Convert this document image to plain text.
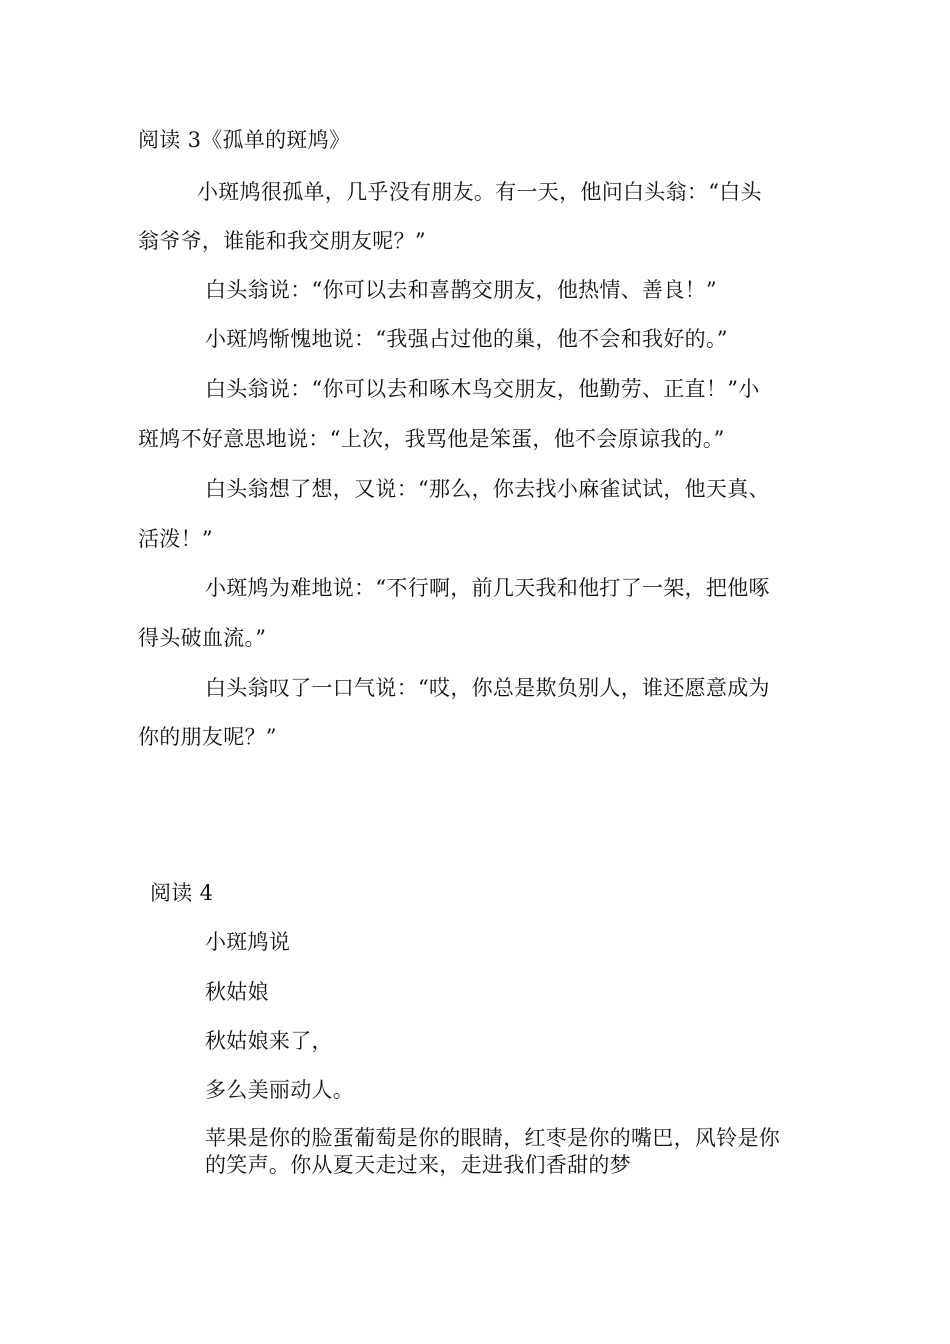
阅读 3《孤单的斑鸠》
小斑鸠很孤单，几乎没有朋友。有一天，他问白头翁：“白头
翁爷爷，谁能和我交朋友呢？”
白头翁说：“你可以去和喜鹊交朋友，他热情、善良！”
小斑鸠惭愧地说：“我强占过他的巢，他不会和我好的。”
白头翁说：“你可以去和啄木鸟交朋友，他勤劳、正直！”小
斑鸠不好意思地说：“上次，我骂他是笨蛋，他不会原谅我的。”
白头翁想了想，又说：“那么，你去找小麻雀试试，他天真、
活泼！”
小斑鸠为难地说：“不行啊，前几天我和他打了一架，把他啄
得头破血流。”
白头翁叹了一口气说：“哎，你总是欺负别人，谁还愿意成为
你的朋友呢？”
阅读 4
小斑鸠说
秋姑娘
秋姑娘来了，
多么美丽动人。
苹果是你的脸蛋葡萄是你的眼睛，红枣是你的嘴巴，风铃是你
的笑声。你从夏天走过来，走进我们香甜的梦
